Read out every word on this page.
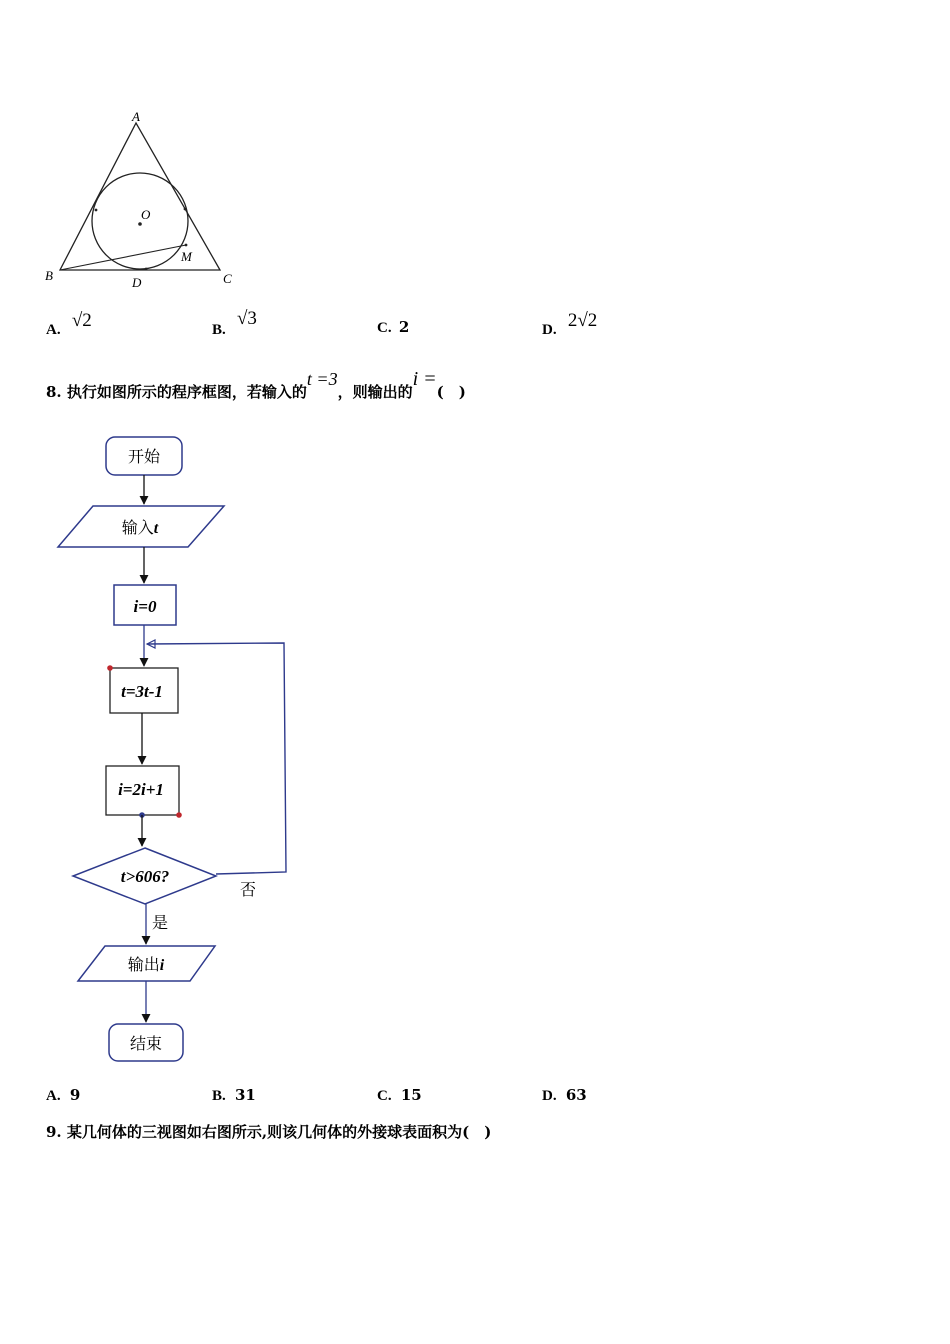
A
B	C
D
O
M
A. √2	B. √3	C. 2	D. 2√2
8. 执行如图所示的程序框图，若输入的t =3，则输出的i =(　)
开始
输入t
i=0
t=3t-1
i=2i+1
t>606?
否
是
输出i
结束
A. 9	B. 31	C. 15	D. 63
9. 某几何体的三视图如右图所示,则该几何体的外接球表面积为(　)
